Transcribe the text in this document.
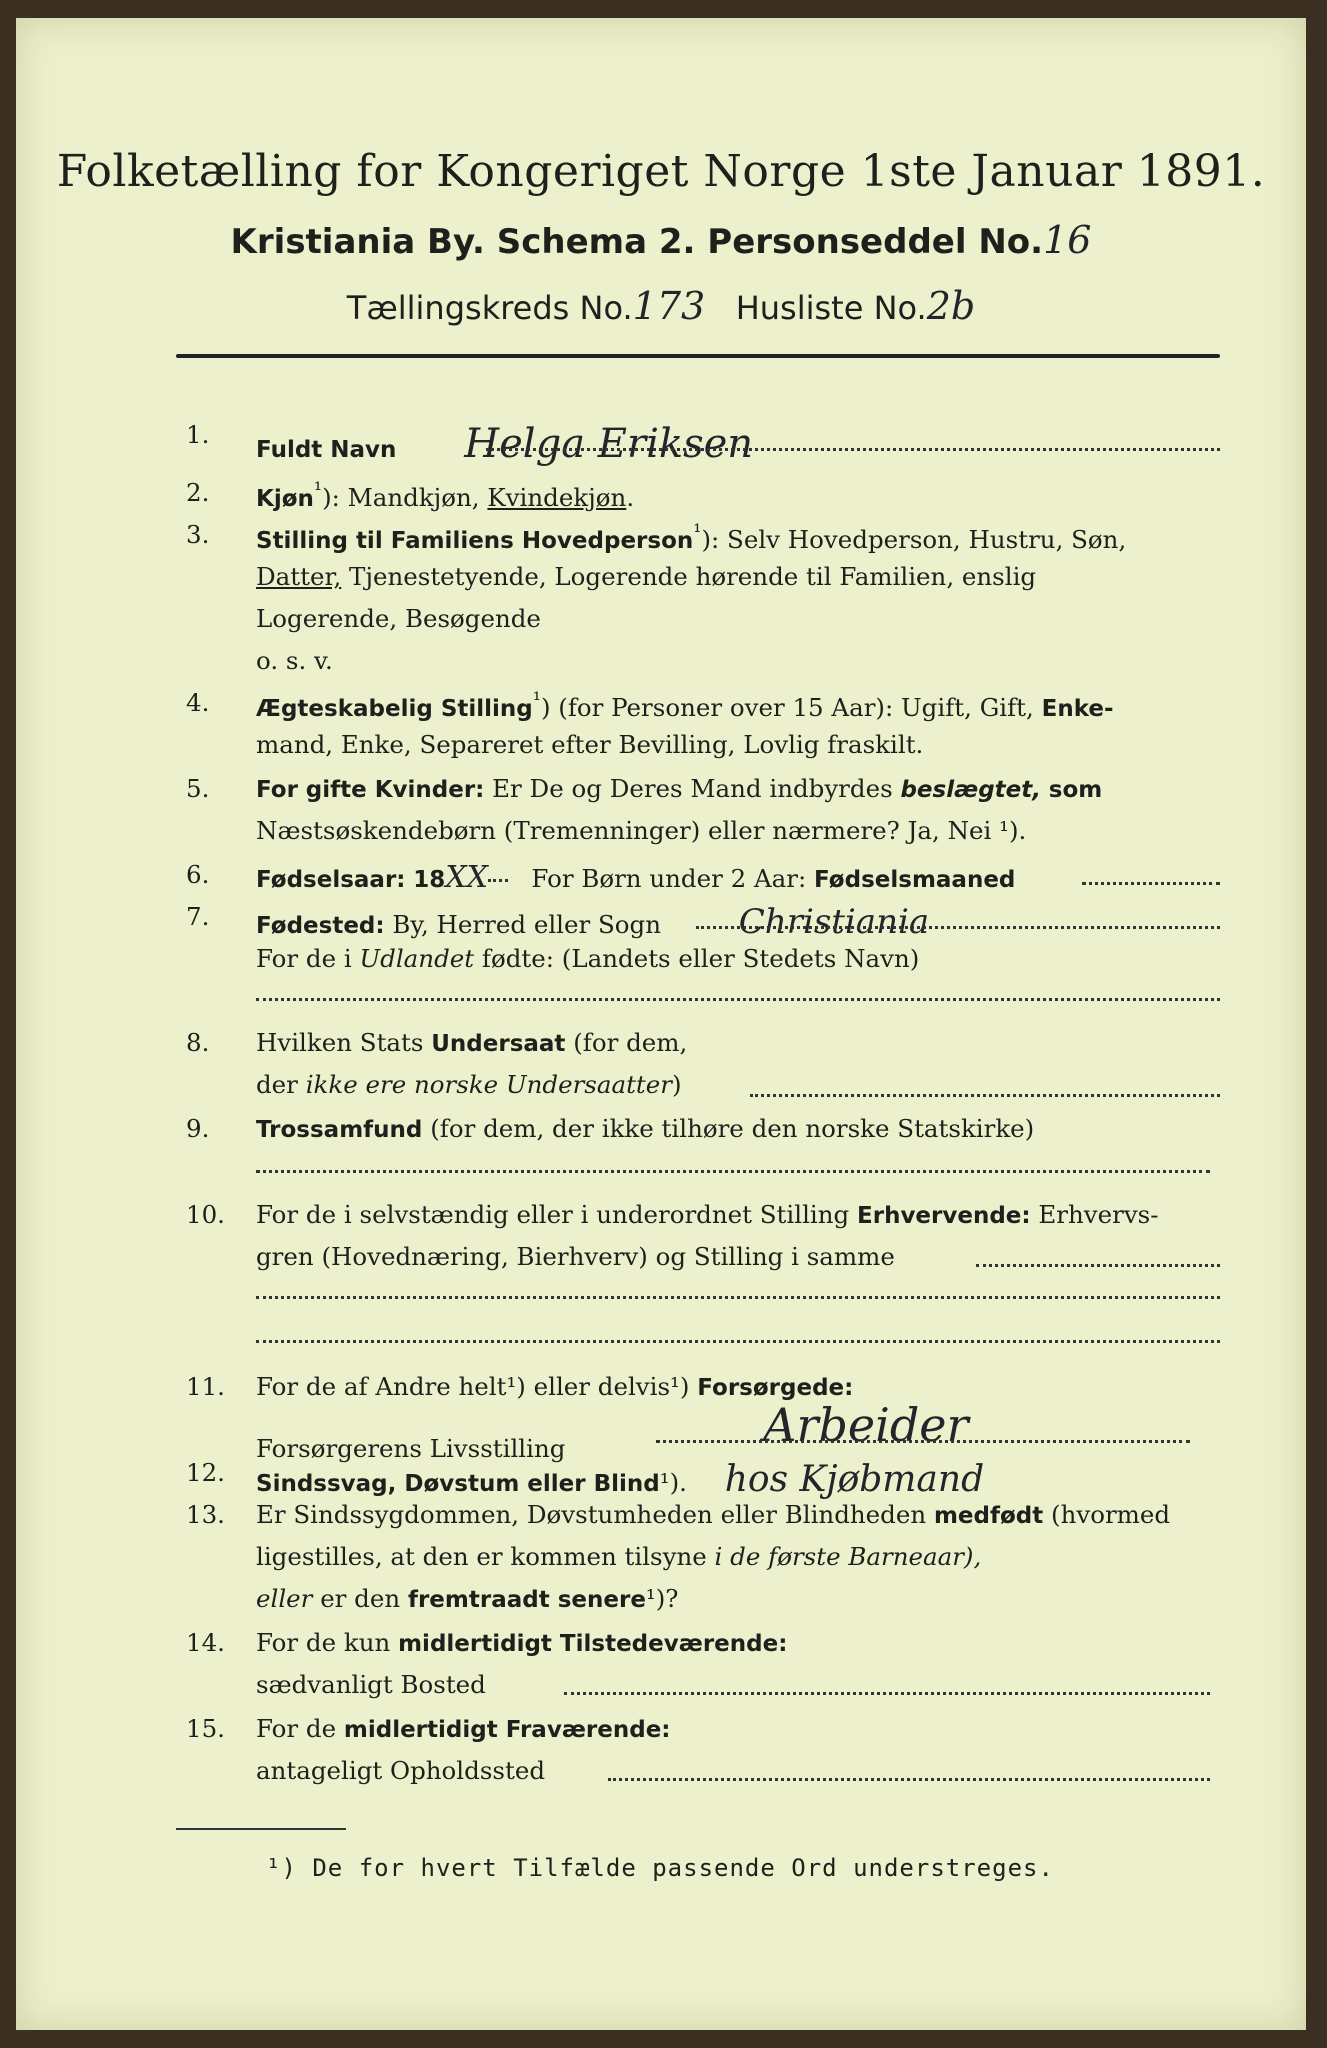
Folketælling for Kongeriget Norge 1ste Januar 1891.
Kristiania By. Schema 2. Personseddel No.16
Tællingskreds No.173 Husliste No.2b
1.
Fuldt Navn Helga Eriksen
2.	Kjøn$^{^1}$): Mandkjøn, Kvindekjøn.
3.	Stilling til Familiens Hovedperson$^{^1}$): Selv Hovedperson, Hustru, Søn,
Datter, Tjenestetyende, Logerende hørende til Familien, enslig
Logerende, Besøgende
o. s. v.
4.	Ægteskabelig Stilling$^{^1}$) (for Personer over 15 Aar): Ugift, Gift, Enke-
mand, Enke, Separeret efter Bevilling, Lovlig fraskilt.
5.	For gifte Kvinder: Er De og Deres Mand indbyrdes beslægtet, som
Næstsøskendebørn (Tremenninger) eller nærmere? Ja, Nei ¹).
6.	Fødselsaar: 18XX For Børn under 2 Aar: Fødselsmaaned
7.	Fødested: By, Herred eller Sogn Christiania
For de i Udlandet fødte: (Landets eller Stedets Navn)
8.	Hvilken Stats Undersaat (for dem,
der ikke ere norske Undersaatter)
9.	Trossamfund (for dem, der ikke tilhøre den norske Statskirke)
10. For de i selvstændig eller i underordnet Stilling Erhvervende: Erhvervs-
gren (Hovednæring, Bierhverv) og Stilling i samme
11. For de af Andre helt¹) eller delvis¹) Forsørgede:
Forsørgerens Livsstilling	Arbeider
12. Sindssvag, Døvstum eller Blind¹). hos Kjøbmand
13. Er Sindssygdommen, Døvstumheden eller Blindheden medfødt (hvormed
ligestilles, at den er kommen tilsyne i de første Barneaar),
eller er den fremtraadt senere¹)?
14. For de kun midlertidigt Tilstedeværende:
sædvanligt Bosted
15. For de midlertidigt Fraværende:
antageligt Opholdssted
¹) De for hvert Tilfælde passende Ord understreges.
